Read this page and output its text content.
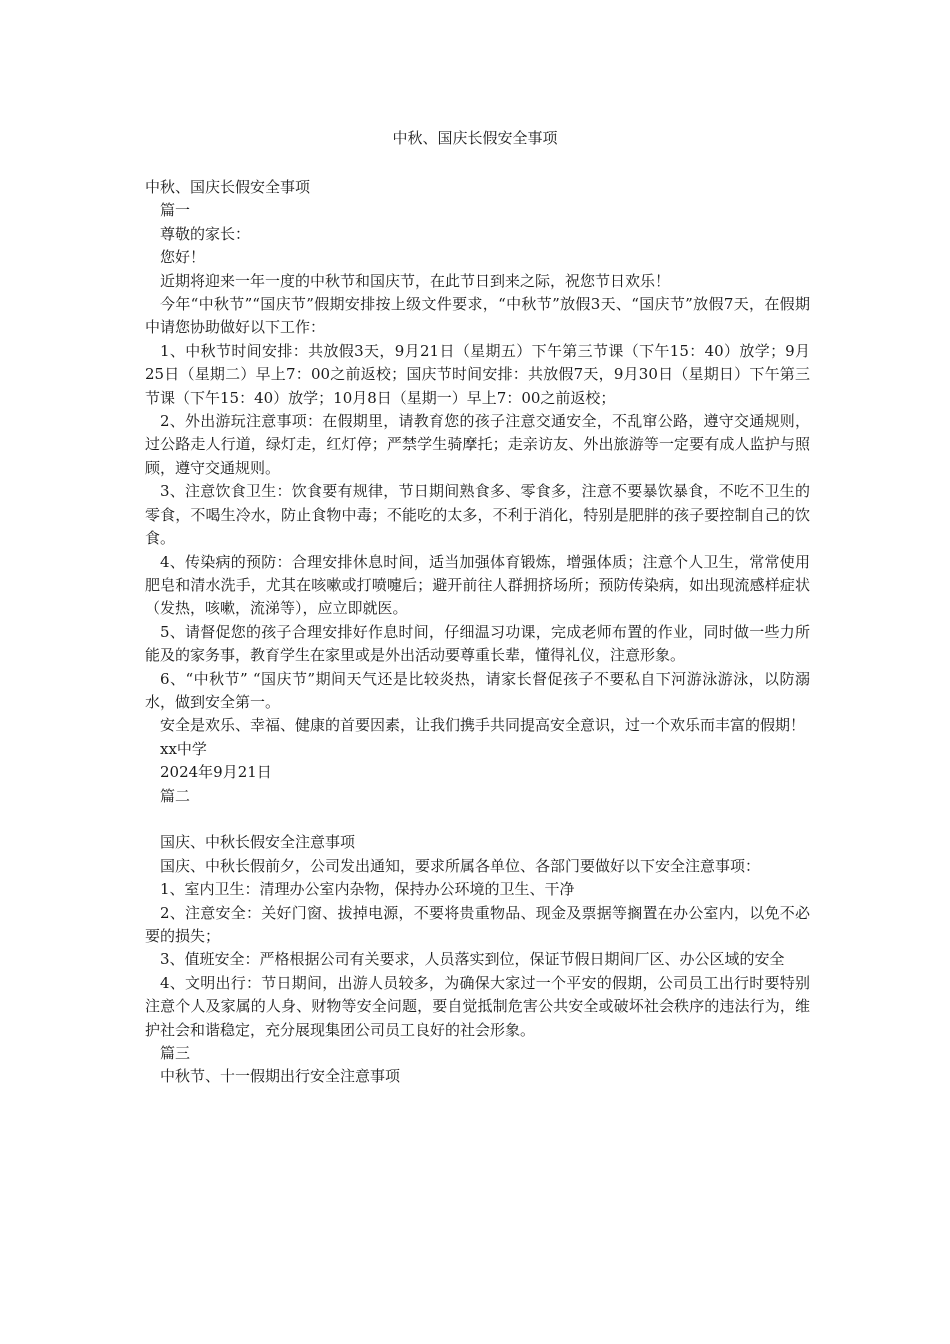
中秋、国庆长假安全事项

中秋、国庆长假安全事项

篇一

尊敬的家长：

您好！

近期将迎来一年一度的中秋节和国庆节，在此节日到来之际，祝您节日欢乐！

今年“中秋节”“国庆节”假期安排按上级文件要求，“中秋节”放假3天、“国庆节”放假7天，在假期中请您协助做好以下工作：

1、中秋节时间安排：共放假3天，9月21日（星期五）下午第三节课（下午15：40）放学；9月25日（星期二）早上7：00之前返校；国庆节时间安排：共放假7天，9月30日（星期日）下午第三节课（下午15：40）放学；10月8日（星期一）早上7：00之前返校；

2、外出游玩注意事项：在假期里，请教育您的孩子注意交通安全，不乱窜公路，遵守交通规则，过公路走人行道，绿灯走，红灯停；严禁学生骑摩托；走亲访友、外出旅游等一定要有成人监护与照顾，遵守交通规则。

3、注意饮食卫生：饮食要有规律，节日期间熟食多、零食多，注意不要暴饮暴食，不吃不卫生的零食，不喝生冷水，防止食物中毒；不能吃的太多，不利于消化，特别是肥胖的孩子要控制自己的饮食。

4、传染病的预防：合理安排休息时间，适当加强体育锻炼，增强体质；注意个人卫生，常常使用肥皂和清水洗手，尤其在咳嗽或打喷嚏后；避开前往人群拥挤场所；预防传染病，如出现流感样症状（发热，咳嗽，流涕等），应立即就医。

5、请督促您的孩子合理安排好作息时间，仔细温习功课，完成老师布置的作业，同时做一些力所能及的家务事，教育学生在家里或是外出活动要尊重长辈，懂得礼仪，注意形象。

6、“中秋节” “国庆节”期间天气还是比较炎热，请家长督促孩子不要私自下河游泳游泳，以防溺水，做到安全第一。

安全是欢乐、幸福、健康的首要因素，让我们携手共同提高安全意识，过一个欢乐而丰富的假期！

xx中学

2024年9月21日

篇二

国庆、中秋长假安全注意事项

国庆、中秋长假前夕，公司发出通知，要求所属各单位、各部门要做好以下安全注意事项：

1、室内卫生：清理办公室内杂物，保持办公环境的卫生、干净

2、注意安全：关好门窗、拔掉电源，不要将贵重物品、现金及票据等搁置在办公室内，以免不必要的损失；

3、值班安全：严格根据公司有关要求，人员落实到位，保证节假日期间厂区、办公区域的安全

4、文明出行：节日期间，出游人员较多，为确保大家过一个平安的假期，公司员工出行时要特别注意个人及家属的人身、财物等安全问题，要自觉抵制危害公共安全或破坏社会秩序的违法行为，维护社会和谐稳定，充分展现集团公司员工良好的社会形象。

篇三

中秋节、十一假期出行安全注意事项
